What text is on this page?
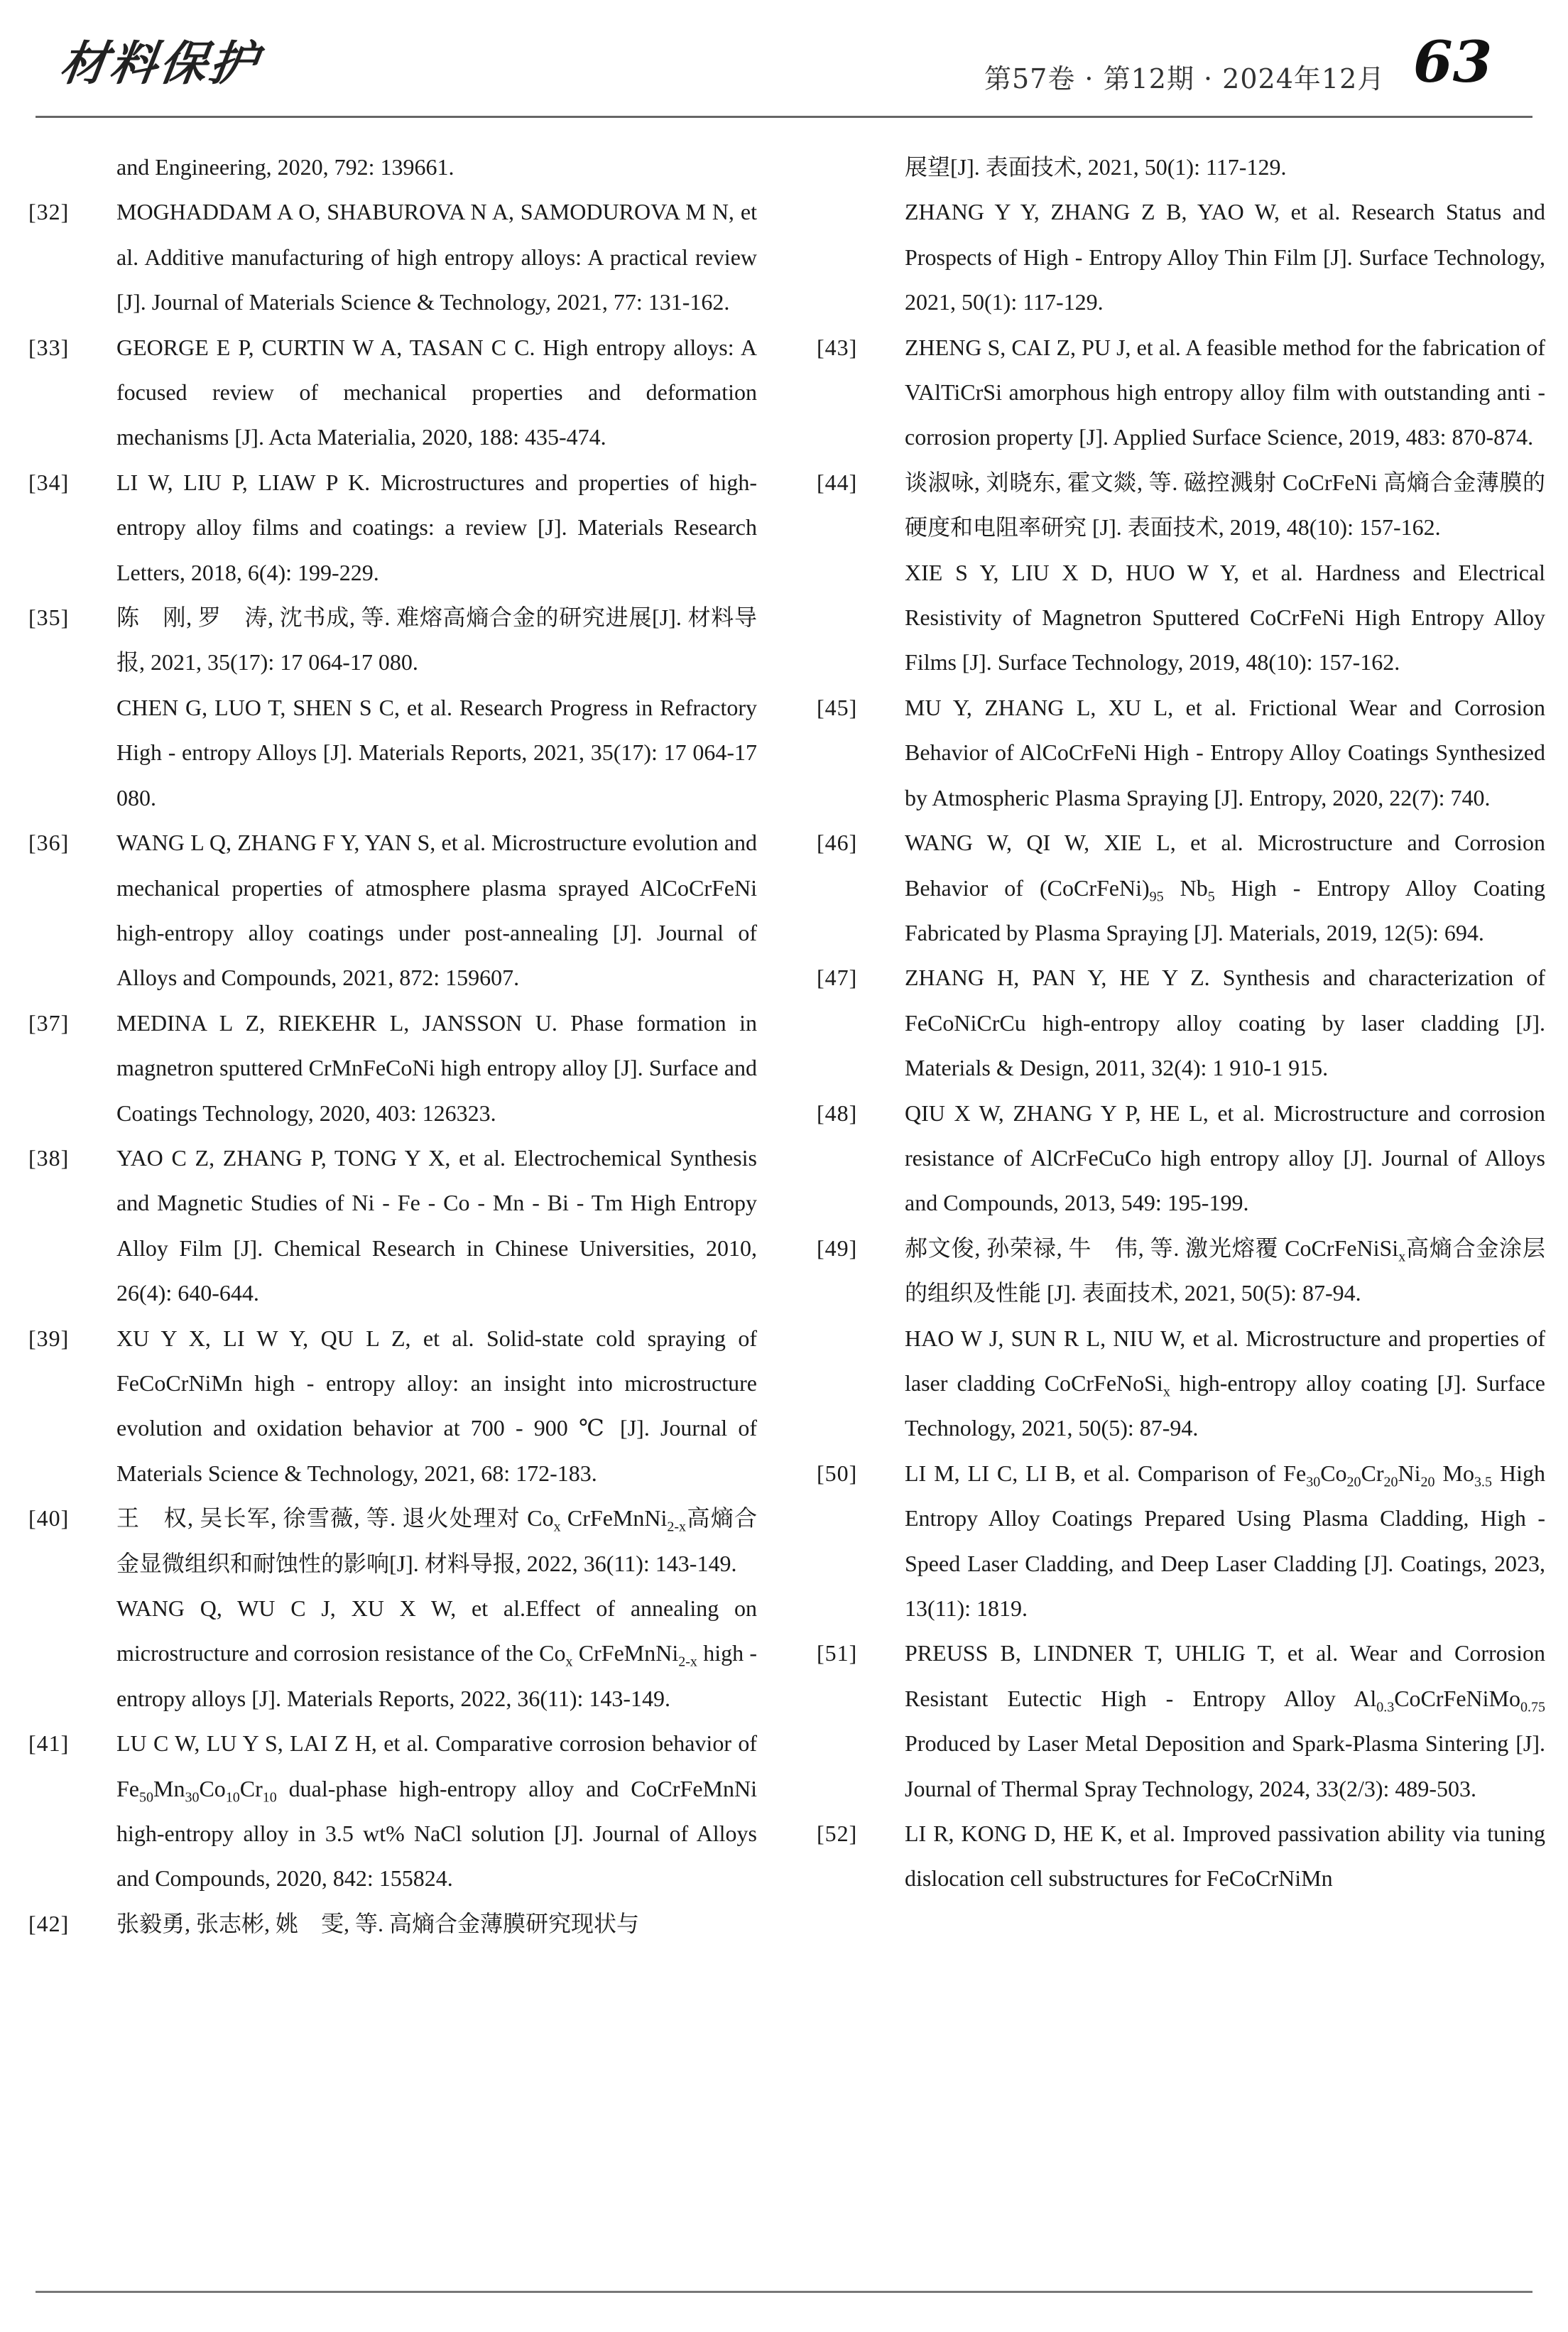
材料保护	第57卷 · 第12期 · 2024年12月 63
and Engineering, 2020, 792: 139661.
[32]	MOGHADDAM A O, SHABUROVA N A, SAMODUROVA M N, et al. Additive manufacturing of high entropy alloys: A practical review [J]. Journal of Materials Science & Technology, 2021, 77: 131-162.
[33]	GEORGE E P, CURTIN W A, TASAN C C. High entropy alloys: A focused review of mechanical properties and deformation mechanisms [J]. Acta Materialia, 2020, 188: 435-474.
[34]	LI W, LIU P, LIAW P K. Microstructures and properties of high-entropy alloy films and coatings: a review [J]. Materials Research Letters, 2018, 6(4): 199-229.
[35]	陈　刚, 罗　涛, 沈书成, 等. 难熔高熵合金的研究进展[J]. 材料导报, 2021, 35(17): 17 064-17 080.
CHEN G, LUO T, SHEN S C, et al. Research Progress in Refractory High - entropy Alloys [J]. Materials Reports, 2021, 35(17): 17 064-17 080.
[36]	WANG L Q, ZHANG F Y, YAN S, et al. Microstructure evolution and mechanical properties of atmosphere plasma sprayed AlCoCrFeNi high-entropy alloy coatings under post-annealing [J]. Journal of Alloys and Compounds, 2021, 872: 159607.
[37]	MEDINA L Z, RIEKEHR L, JANSSON U. Phase formation in magnetron sputtered CrMnFeCoNi high entropy alloy [J]. Surface and Coatings Technology, 2020, 403: 126323.
[38]	YAO C Z, ZHANG P, TONG Y X, et al. Electrochemical Synthesis and Magnetic Studies of Ni - Fe - Co - Mn - Bi - Tm High Entropy Alloy Film [J]. Chemical Research in Chinese Universities, 2010, 26(4): 640-644.
[39]	XU Y X, LI W Y, QU L Z, et al. Solid-state cold spraying of FeCoCrNiMn high - entropy alloy: an insight into microstructure evolution and oxidation behavior at 700 - 900 ℃ [J]. Journal of Materials Science & Technology, 2021, 68: 172-183.
[40]	王　权, 吴长军, 徐雪薇, 等. 退火处理对 $Co_x$ CrFeMnNi$_{2-x}$高熵合金显微组织和耐蚀性的影响[J]. 材料导报, 2022, 36(11): 143-149.
WANG Q, WU C J, XU X W, et al.Effect of annealing on microstructure and corrosion resistance of the $Co_x$ CrFeMnNi$_{2-x}$ high - entropy alloys [J]. Materials Reports, 2022, 36(11): 143-149.
[41]	LU C W, LU Y S, LAI Z H, et al. Comparative corrosion behavior of $Fe_{50}Mn_{30}Co_{10}Cr_{10}$ dual-phase high-entropy alloy and CoCrFeMnNi high-entropy alloy in 3.5 wt% NaCl solution [J]. Journal of Alloys and Compounds, 2020, 842: 155824.
[42]	张毅勇, 张志彬, 姚　雯, 等. 高熵合金薄膜研究现状与
展望[J]. 表面技术, 2021, 50(1): 117-129.
ZHANG Y Y, ZHANG Z B, YAO W, et al. Research Status and Prospects of High - Entropy Alloy Thin Film [J]. Surface Technology, 2021, 50(1): 117-129.
[43]	ZHENG S, CAI Z, PU J, et al. A feasible method for the fabrication of VAlTiCrSi amorphous high entropy alloy film with outstanding anti - corrosion property [J]. Applied Surface Science, 2019, 483: 870-874.
[44]	谈淑咏, 刘晓东, 霍文燚, 等. 磁控溅射 CoCrFeNi 高熵合金薄膜的硬度和电阻率研究 [J]. 表面技术, 2019, 48(10): 157-162.
XIE S Y, LIU X D, HUO W Y, et al. Hardness and Electrical Resistivity of Magnetron Sputtered CoCrFeNi High Entropy Alloy Films [J]. Surface Technology, 2019, 48(10): 157-162.
[45]	MU Y, ZHANG L, XU L, et al. Frictional Wear and Corrosion Behavior of AlCoCrFeNi High - Entropy Alloy Coatings Synthesized by Atmospheric Plasma Spraying [J]. Entropy, 2020, 22(7): 740.
[46]	WANG W, QI W, XIE L, et al. Microstructure and Corrosion Behavior of $(CoCrFeNi)_{95}$ $Nb_5$ High - Entropy Alloy Coating Fabricated by Plasma Spraying [J]. Materials, 2019, 12(5): 694.
[47]	ZHANG H, PAN Y, HE Y Z. Synthesis and characterization of FeCoNiCrCu high-entropy alloy coating by laser cladding [J]. Materials & Design, 2011, 32(4): 1 910-1 915.
[48]	QIU X W, ZHANG Y P, HE L, et al. Microstructure and corrosion resistance of AlCrFeCuCo high entropy alloy [J]. Journal of Alloys and Compounds, 2013, 549: 195-199.
[49]	郝文俊, 孙荣禄, 牛　伟, 等. 激光熔覆 CoCrFeNiSi$_x$高熵合金涂层的组织及性能 [J]. 表面技术, 2021, 50(5): 87-94.
HAO W J, SUN R L, NIU W, et al. Microstructure and properties of laser cladding CoCrFeNoSi$_x$ high-entropy alloy coating [J]. Surface Technology, 2021, 50(5): 87-94.
[50]	LI M, LI C, LI B, et al. Comparison of $Fe_{30}Co_{20}Cr_{20}Ni_{20}$ $Mo_{3.5}$ High Entropy Alloy Coatings Prepared Using Plasma Cladding, High - Speed Laser Cladding, and Deep Laser Cladding [J]. Coatings, 2023, 13(11): 1819.
[51]	PREUSS B, LINDNER T, UHLIG T, et al. Wear and Corrosion Resistant Eutectic High - Entropy Alloy $Al_{0.3}CoCrFeNiMo_{0.75}$ Produced by Laser Metal Deposition and Spark-Plasma Sintering [J]. Journal of Thermal Spray Technology, 2024, 33(2/3): 489-503.
[52]	LI R, KONG D, HE K, et al. Improved passivation ability via tuning dislocation cell substructures for FeCoCrNiMn
